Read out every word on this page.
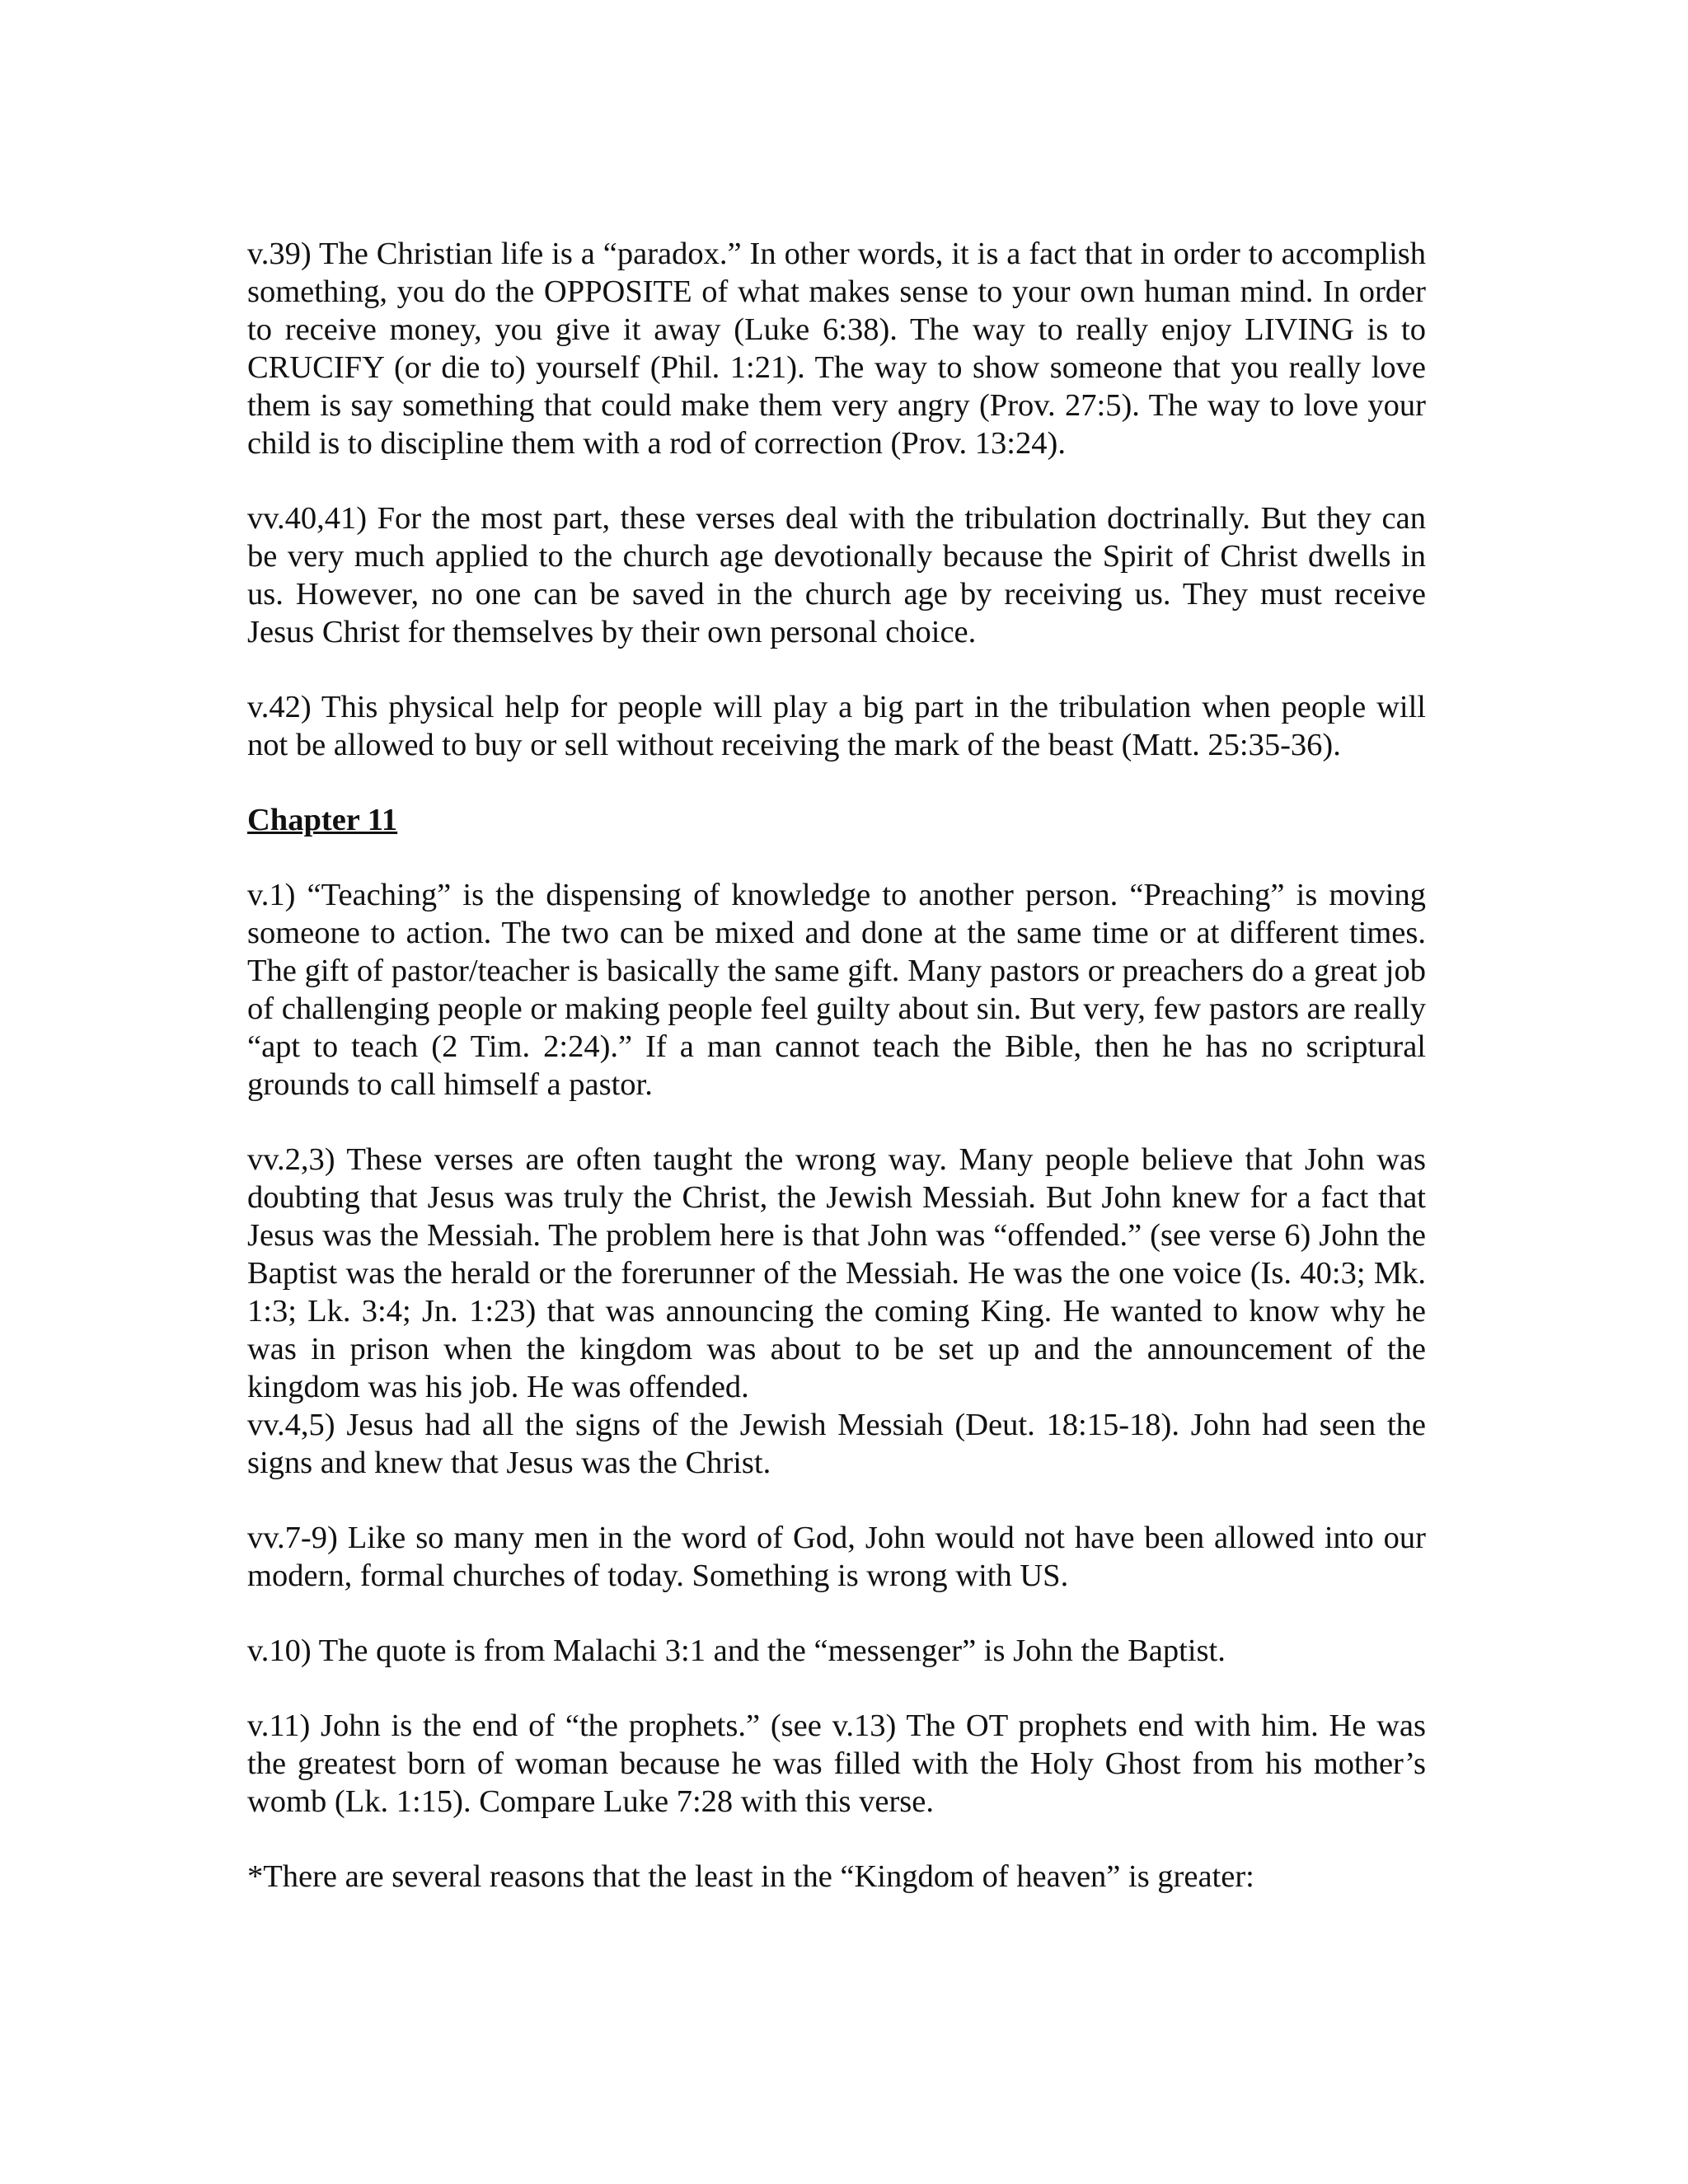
v.39) The Christian life is a “paradox.” In other words, it is a fact that in order to accomplish something, you do the OPPOSITE of what makes sense to your own human mind. In order to receive money, you give it away (Luke 6:38). The way to really enjoy LIVING is to CRUCIFY (or die to) yourself (Phil. 1:21). The way to show someone that you really love them is say something that could make them very angry (Prov. 27:5). The way to love your child is to discipline them with a rod of correction (Prov. 13:24).

vv.40,41) For the most part, these verses deal with the tribulation doctrinally. But they can be very much applied to the church age devotionally because the Spirit of Christ dwells in us. However, no one can be saved in the church age by receiving us. They must receive Jesus Christ for themselves by their own personal choice.

v.42) This physical help for people will play a big part in the tribulation when people will not be allowed to buy or sell without receiving the mark of the beast (Matt. 25:35-36).

Chapter 11

v.1) “Teaching” is the dispensing of knowledge to another person. “Preaching” is moving someone to action. The two can be mixed and done at the same time or at different times. The gift of pastor/teacher is basically the same gift. Many pastors or preachers do a great job of challenging people or making people feel guilty about sin. But very, few pastors are really “apt to teach (2 Tim. 2:24).” If a man cannot teach the Bible, then he has no scriptural grounds to call himself a pastor.

vv.2,3) These verses are often taught the wrong way. Many people believe that John was doubting that Jesus was truly the Christ, the Jewish Messiah. But John knew for a fact that Jesus was the Messiah. The problem here is that John was “offended.” (see verse 6) John the Baptist was the herald or the forerunner of the Messiah. He was the one voice (Is. 40:3; Mk. 1:3; Lk. 3:4; Jn. 1:23) that was announcing the coming King. He wanted to know why he was in prison when the kingdom was about to be set up and the announcement of the kingdom was his job. He was offended.

vv.4,5) Jesus had all the signs of the Jewish Messiah (Deut. 18:15-18). John had seen the signs and knew that Jesus was the Christ.

vv.7-9) Like so many men in the word of God, John would not have been allowed into our modern, formal churches of today. Something is wrong with US.

v.10) The quote is from Malachi 3:1 and the “messenger” is John the Baptist.

v.11) John is the end of “the prophets.” (see v.13) The OT prophets end with him. He was the greatest born of woman because he was filled with the Holy Ghost from his mother’s womb (Lk. 1:15). Compare Luke 7:28 with this verse.

*There are several reasons that the least in the “Kingdom of heaven” is greater:
